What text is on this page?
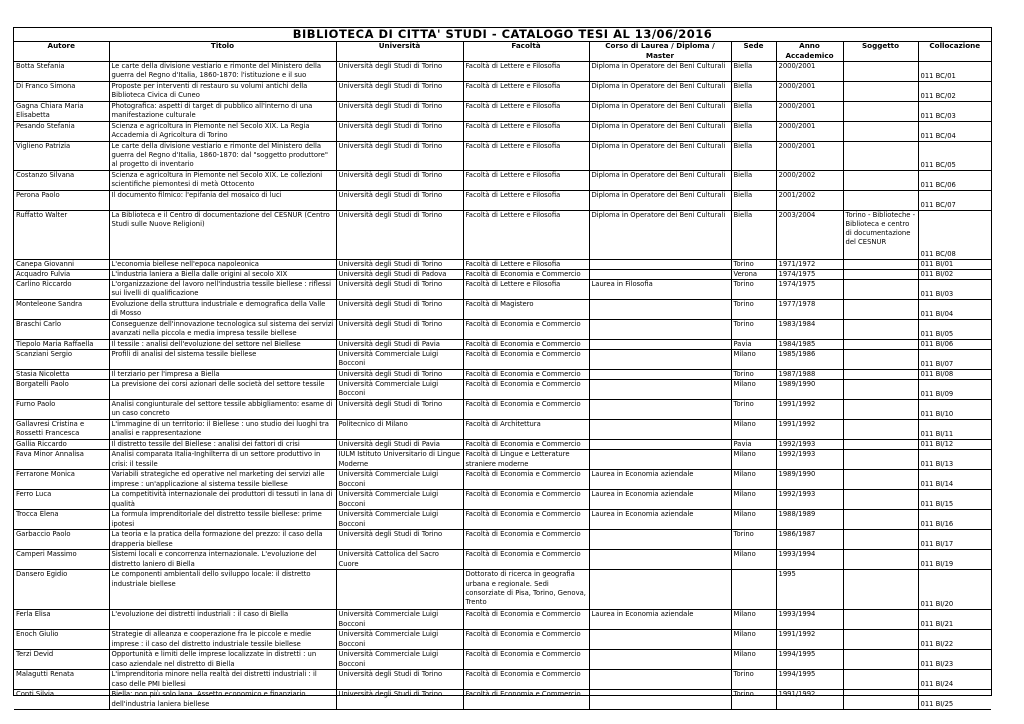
BIBLIOTECA DI CITTA' STUDI - CATALOGO TESI AL 13/06/2016
Autore	Titolo	Università	Facoltà	Corso di Laurea / Diploma / Master	Sede	Anno Accademico	Soggetto	Collocazione
Botta Stefania	Le carte della divisione vestiario e rimonte del Ministero della guerra del Regno d'Italia, 1860-1870: l'istituzione e il suo	Università degli Studi di Torino	Facoltà di Lettere e Filosofia	Diploma in Operatore dei Beni Culturali	Biella	2000/2001		011 BC/01
Di Franco Simona	Proposte per interventi di restauro su volumi antichi della Biblioteca Civica di Cuneo	Università degli Studi di Torino	Facoltà di Lettere e Filosofia	Diploma in Operatore dei Beni Culturali	Biella	2000/2001		011 BC/02
Gagna Chiara Maria Elisabetta	Photografica: aspetti di target di pubblico all'interno di una manifestazione culturale	Università degli Studi di Torino	Facoltà di Lettere e Filosofia	Diploma in Operatore dei Beni Culturali	Biella	2000/2001		011 BC/03
Pesando Stefania	Scienza e agricoltura in Piemonte nel Secolo XIX. La Regia Accademia di Agricoltura di Torino	Università degli Studi di Torino	Facoltà di Lettere e Filosofia	Diploma in Operatore dei Beni Culturali	Biella	2000/2001		011 BC/04
Viglieno Patrizia	Le carte della divisione vestiario e rimonte del Ministero della guerra del Regno d'Italia, 1860-1870: dal "soggetto produttore" al progetto di inventario	Università degli Studi di Torino	Facoltà di Lettere e Filosofia	Diploma in Operatore dei Beni Culturali	Biella	2000/2001		011 BC/05
Costanzo Silvana	Scienza e agricoltura in Piemonte nel Secolo XIX. Le collezioni scientifiche piemontesi di metà Ottocento	Università degli Studi di Torino	Facoltà di Lettere e Filosofia	Diploma in Operatore dei Beni Culturali	Biella	2000/2002		011 BC/06
Perona Paolo	Il documento filmico: l'epifania del mosaico di luci	Università degli Studi di Torino	Facoltà di Lettere e Filosofia	Diploma in Operatore dei Beni Culturali	Biella	2001/2002		011 BC/07
Ruffatto Walter	La Biblioteca e il Centro di documentazione del CESNUR (Centro Studi sulle Nuove Religioni)	Università degli Studi di Torino	Facoltà di Lettere e Filosofia	Diploma in Operatore dei Beni Culturali	Biella	2003/2004	Torino - Biblioteche - Biblioteca e centro di documentazione del CESNUR	011 BC/08
Canepa Giovanni	L'economia biellese nell'epoca napoleonica	Università degli Studi di Torino	Facoltà di Lettere e Filosofia		Torino	1971/1972		011 BI/01
Acquadro Fulvia	L'industria laniera a Biella dalle origini al secolo XIX	Università degli Studi di Padova	Facoltà di Economia e Commercio		Verona	1974/1975		011 BI/02
Carlino Riccardo	L'organizzazione del lavoro nell'industria tessile biellese : riflessi sui livelli di qualificazione	Università degli Studi di Torino	Facoltà di Lettere e Filosofia	Laurea in Filosofia	Torino	1974/1975		011 BI/03
Monteleone Sandra	Evoluzione della struttura industriale e demografica della Valle di Mosso	Università degli Studi di Torino	Facoltà di Magistero		Torino	1977/1978		011 BI/04
Braschi Carlo	Conseguenze dell'innovazione tecnologica sul sistema dei servizi avanzati nella piccola e media impresa tessile biellese	Università degli Studi di Torino	Facoltà di Economia e Commercio		Torino	1983/1984		011 BI/05
Tiepolo Maria Raffaella	Il tessile : analisi dell'evoluzione del settore nel Biellese	Università degli Studi di Pavia	Facoltà di Economia e Commercio		Pavia	1984/1985		011 BI/06
Scanziani Sergio	Profili di analisi del sistema tessile biellese	Università Commerciale Luigi Bocconi	Facoltà di Economia e Commercio		Milano	1985/1986		011 BI/07
Stasia Nicoletta	Il terziario per l'impresa a Biella	Università degli Studi di Torino	Facoltà di Economia e Commercio		Torino	1987/1988		011 BI/08
Borgatelli Paolo	La previsione dei corsi azionari delle società del settore tessile	Università Commerciale Luigi Bocconi	Facoltà di Economia e Commercio		Milano	1989/1990		011 BI/09
Furno Paolo	Analisi congiunturale del settore tessile abbigliamento: esame di un caso concreto	Università degli Studi di Torino	Facoltà di Economia e Commercio		Torino	1991/1992		011 BI/10
Gallavresi Cristina e Rossetti Francesca	L'immagine di un territorio: il Biellese : uno studio dei luoghi tra analisi e rappresentazione	Politecnico di Milano	Facoltà di Architettura		Milano	1991/1992		011 BI/11
Gallia Riccardo	Il distretto tessile del Biellese : analisi dei fattori di crisi	Università degli Studi di Pavia	Facoltà di Economia e Commercio		Pavia	1992/1993		011 BI/12
Fava Minor Annalisa	Analisi comparata Italia-Inghilterra di un settore produttivo in crisi: il tessile	IULM Istituto Universitario di Lingue Moderne	Facoltà di Lingue e Letterature straniere moderne		Milano	1992/1993		011 BI/13
Ferrarone Monica	Variabili strategiche ed operative nel marketing dei servizi alle imprese : un'applicazione al sistema tessile biellese	Università Commerciale Luigi Bocconi	Facoltà di Economia e Commercio	Laurea in Economia aziendale	Milano	1989/1990		011 BI/14
Ferro Luca	La competitività internazionale dei produttori di tessuti in lana di qualità	Università Commerciale Luigi Bocconi	Facoltà di Economia e Commercio	Laurea in Economia aziendale	Milano	1992/1993		011 BI/15
Trocca Elena	La formula imprenditoriale del distretto tessile biellese: prime ipotesi	Università Commerciale Luigi Bocconi	Facoltà di Economia e Commercio	Laurea in Economia aziendale	Milano	1988/1989		011 BI/16
Garbaccio Paolo	La teoria e la pratica della formazione del prezzo: il caso della drapperia biellese	Università degli Studi di Torino	Facoltà di Economia e Commercio		Torino	1986/1987		011 BI/17
Camperi Massimo	Sistemi locali e concorrenza internazionale. L'evoluzione del distretto laniero di Biella	Università Cattolica del Sacro Cuore	Facoltà di Economia e Commercio		Milano	1993/1994		011 BI/19
Dansero Egidio	Le componenti ambientali dello sviluppo locale: il distretto industriale biellese		Dottorato di ricerca in geografia urbana e regionale. Sedi consorziate di Pisa, Torino, Genova, Trento			1995		011 BI/20
Ferla Elisa	L'evoluzione dei distretti industriali : il caso di Biella	Università Commerciale Luigi Bocconi	Facoltà di Economia e Commercio	Laurea in Economia aziendale	Milano	1993/1994		011 BI/21
Enoch Giulio	Strategie di alleanza e cooperazione fra le piccole e medie imprese : il caso del distretto industriale tessile biellese	Università Commerciale Luigi Bocconi	Facoltà di Economia e Commercio		Milano	1991/1992		011 BI/22
Terzi Devid	Opportunità e limiti delle imprese localizzate in distretti : un caso aziendale nel distretto di Biella	Università Commerciale Luigi Bocconi	Facoltà di Economia e Commercio		Milano	1994/1995		011 BI/23
Malagutti Renata	L'imprenditoria minore nella realtà dei distretti industriali : il caso delle PMI biellesi	Università degli Studi di Torino	Facoltà di Economia e Commercio		Torino	1994/1995		011 BI/24
Conti Silvia	Biella: non più solo lana. Assetto economico e finanziario dell'industria laniera biellese	Università degli Studi di Torino	Facoltà di Economia e Commercio		Torino	1991/1992		011 BI/25
